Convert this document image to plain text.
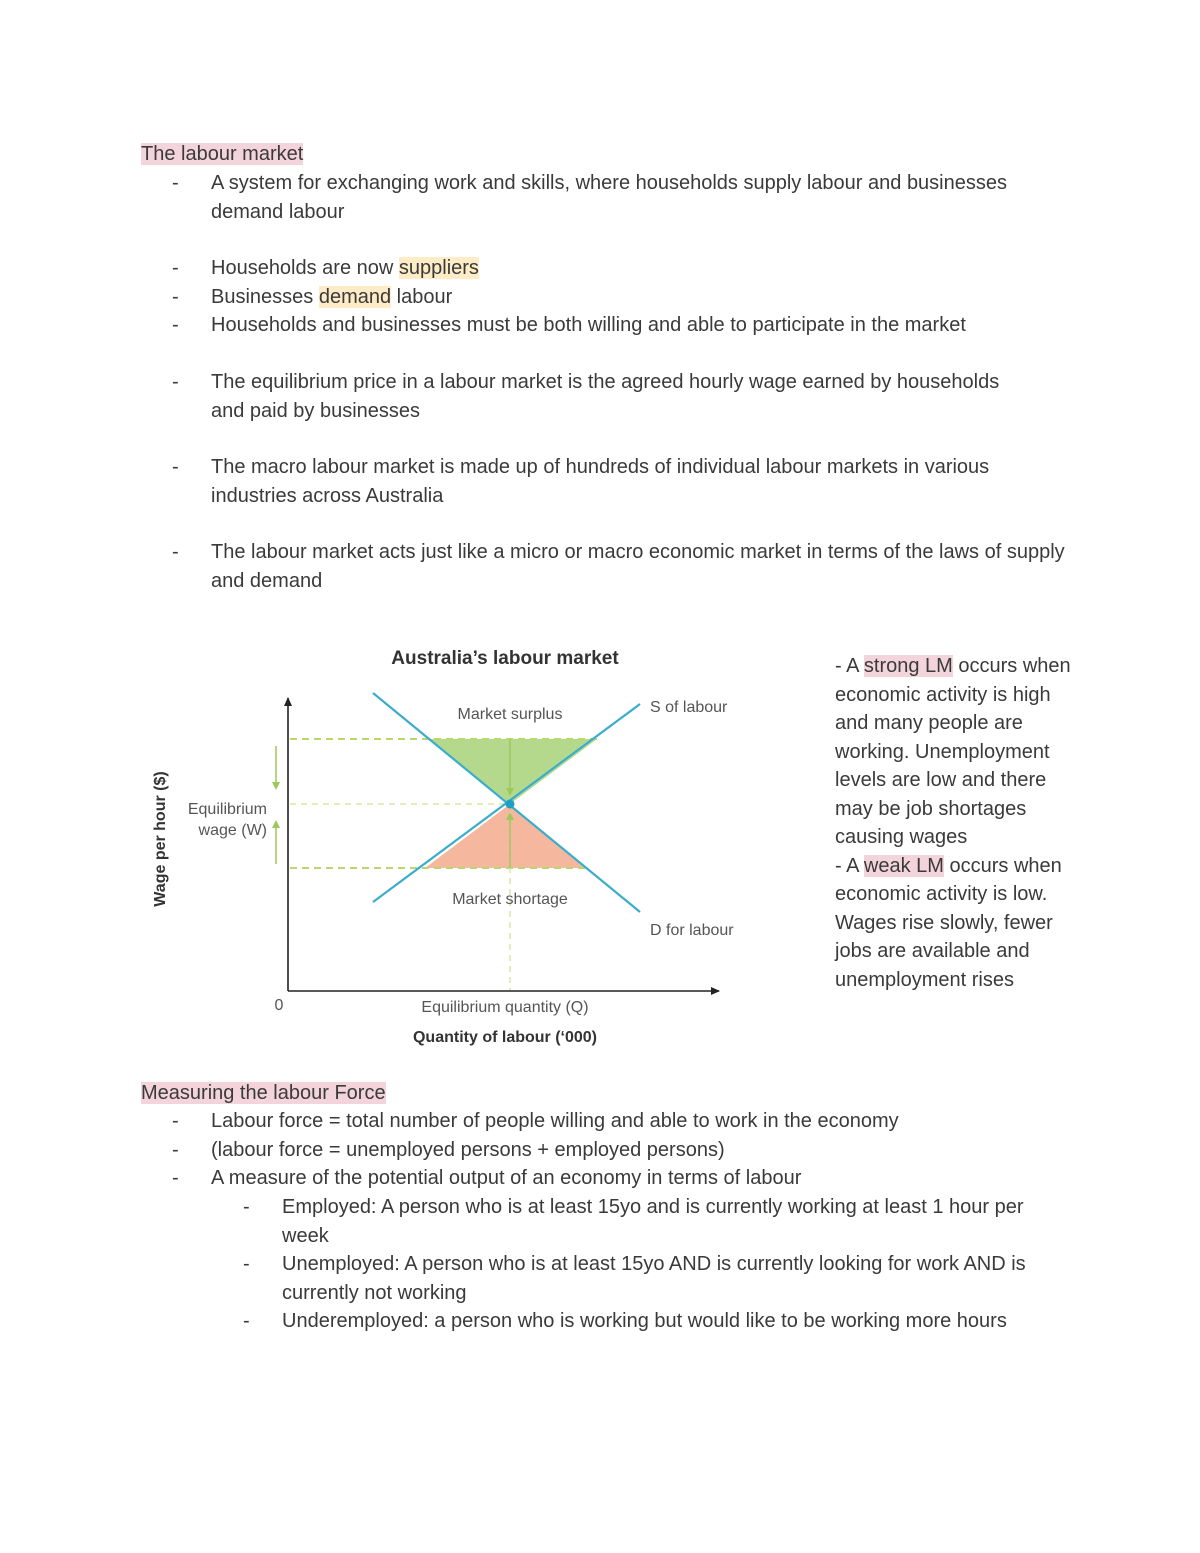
The labour market
- A system for exchanging work and skills, where households supply labour and businesses demand labour
- Households are now suppliers
- Businesses demand labour
- Households and businesses must be both willing and able to participate in the market
- The equilibrium price in a labour market is the agreed hourly wage earned by households and paid by businesses
- The macro labour market is made up of hundreds of individual labour markets in various industries across Australia
- The labour market acts just like a micro or macro economic market in terms of the laws of supply and demand
Australia’s labour market
Market surplus
Market shortage
S of labour
D for labour
Equilibrium
wage (W)
Wage per hour ($)
0	Equilibrium quantity (Q)
Quantity of labour (‘000)
- A strong LM occurs when economic activity is high and many people are working. Unemployment levels are low and there may be job shortages causing wages
- A weak LM occurs when economic activity is low. Wages rise slowly, fewer jobs are available and unemployment rises
Measuring the labour Force
- Labour force = total number of people willing and able to work in the economy
- (labour force = unemployed persons + employed persons)
- A measure of the potential output of an economy in terms of labour
- Employed: A person who is at least 15yo and is currently working at least 1 hour per week
- Unemployed: A person who is at least 15yo AND is currently looking for work AND is currently not working
- Underemployed: a person who is working but would like to be working more hours
